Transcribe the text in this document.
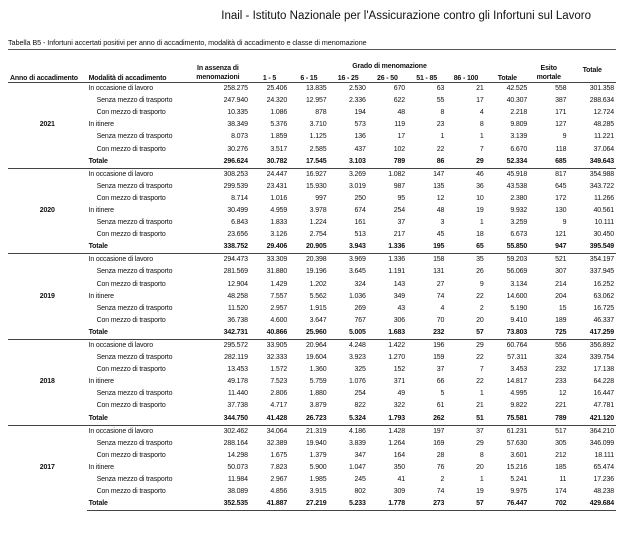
Inail - Istituto Nazionale per l'Assicurazione contro gli Infortuni sul Lavoro
Tabella B5 - Infortuni accertati positivi per anno di accadimento, modalità di accadimento e classe di menomazione
Anno di accadimento	Modalità di accadimento	In assenza di menomazioni	Grado di menomazione							Esito mortale	Totale
			1 - 5	6 - 15	16 - 25	26 - 50	51 - 85	86 - 100	Totale		
2021	In occasione di lavoro	258.275	25.406	13.835	2.530	670	63	21	42.525	558	301.358
	Senza mezzo di trasporto	247.940	24.320	12.957	2.336	622	55	17	40.307	387	288.634
	Con mezzo di trasporto	10.335	1.086	878	194	48	8	4	2.218	171	12.724
	In itinere	38.349	5.376	3.710	573	119	23	8	9.809	127	48.285
	Senza mezzo di trasporto	8.073	1.859	1.125	136	17	1	1	3.139	9	11.221
	Con mezzo di trasporto	30.276	3.517	2.585	437	102	22	7	6.670	118	37.064
	Totale	296.624	30.782	17.545	3.103	789	86	29	52.334	685	349.643
2020	In occasione di lavoro	308.253	24.447	16.927	3.269	1.082	147	46	45.918	817	354.988
	Senza mezzo di trasporto	299.539	23.431	15.930	3.019	987	135	36	43.538	645	343.722
	Con mezzo di trasporto	8.714	1.016	997	250	95	12	10	2.380	172	11.266
	In itinere	30.499	4.959	3.978	674	254	48	19	9.932	130	40.561
	Senza mezzo di trasporto	6.843	1.833	1.224	161	37	3	1	3.259	9	10.111
	Con mezzo di trasporto	23.656	3.126	2.754	513	217	45	18	6.673	121	30.450
	Totale	338.752	29.406	20.905	3.943	1.336	195	65	55.850	947	395.549
2019	In occasione di lavoro	294.473	33.309	20.398	3.969	1.336	158	35	59.203	521	354.197
	Senza mezzo di trasporto	281.569	31.880	19.196	3.645	1.191	131	26	56.069	307	337.945
	Con mezzo di trasporto	12.904	1.429	1.202	324	143	27	9	3.134	214	16.252
	In itinere	48.258	7.557	5.562	1.036	349	74	22	14.600	204	63.062
	Senza mezzo di trasporto	11.520	2.957	1.915	269	43	4	2	5.190	15	16.725
	Con mezzo di trasporto	36.738	4.600	3.647	767	306	70	20	9.410	189	46.337
	Totale	342.731	40.866	25.960	5.005	1.683	232	57	73.803	725	417.259
2018	In occasione di lavoro	295.572	33.905	20.964	4.248	1.422	196	29	60.764	556	356.892
	Senza mezzo di trasporto	282.119	32.333	19.604	3.923	1.270	159	22	57.311	324	339.754
	Con mezzo di trasporto	13.453	1.572	1.360	325	152	37	7	3.453	232	17.138
	In itinere	49.178	7.523	5.759	1.076	371	66	22	14.817	233	64.228
	Senza mezzo di trasporto	11.440	2.806	1.880	254	49	5	1	4.995	12	16.447
	Con mezzo di trasporto	37.738	4.717	3.879	822	322	61	21	9.822	221	47.781
	Totale	344.750	41.428	26.723	5.324	1.793	262	51	75.581	789	421.120
2017	In occasione di lavoro	302.462	34.064	21.319	4.186	1.428	197	37	61.231	517	364.210
	Senza mezzo di trasporto	288.164	32.389	19.940	3.839	1.264	169	29	57.630	305	346.099
	Con mezzo di trasporto	14.298	1.675	1.379	347	164	28	8	3.601	212	18.111
	In itinere	50.073	7.823	5.900	1.047	350	76	20	15.216	185	65.474
	Senza mezzo di trasporto	11.984	2.967	1.985	245	41	2	1	5.241	11	17.236
	Con mezzo di trasporto	38.089	4.856	3.915	802	309	74	19	9.975	174	48.238
	Totale	352.535	41.887	27.219	5.233	1.778	273	57	76.447	702	429.684
